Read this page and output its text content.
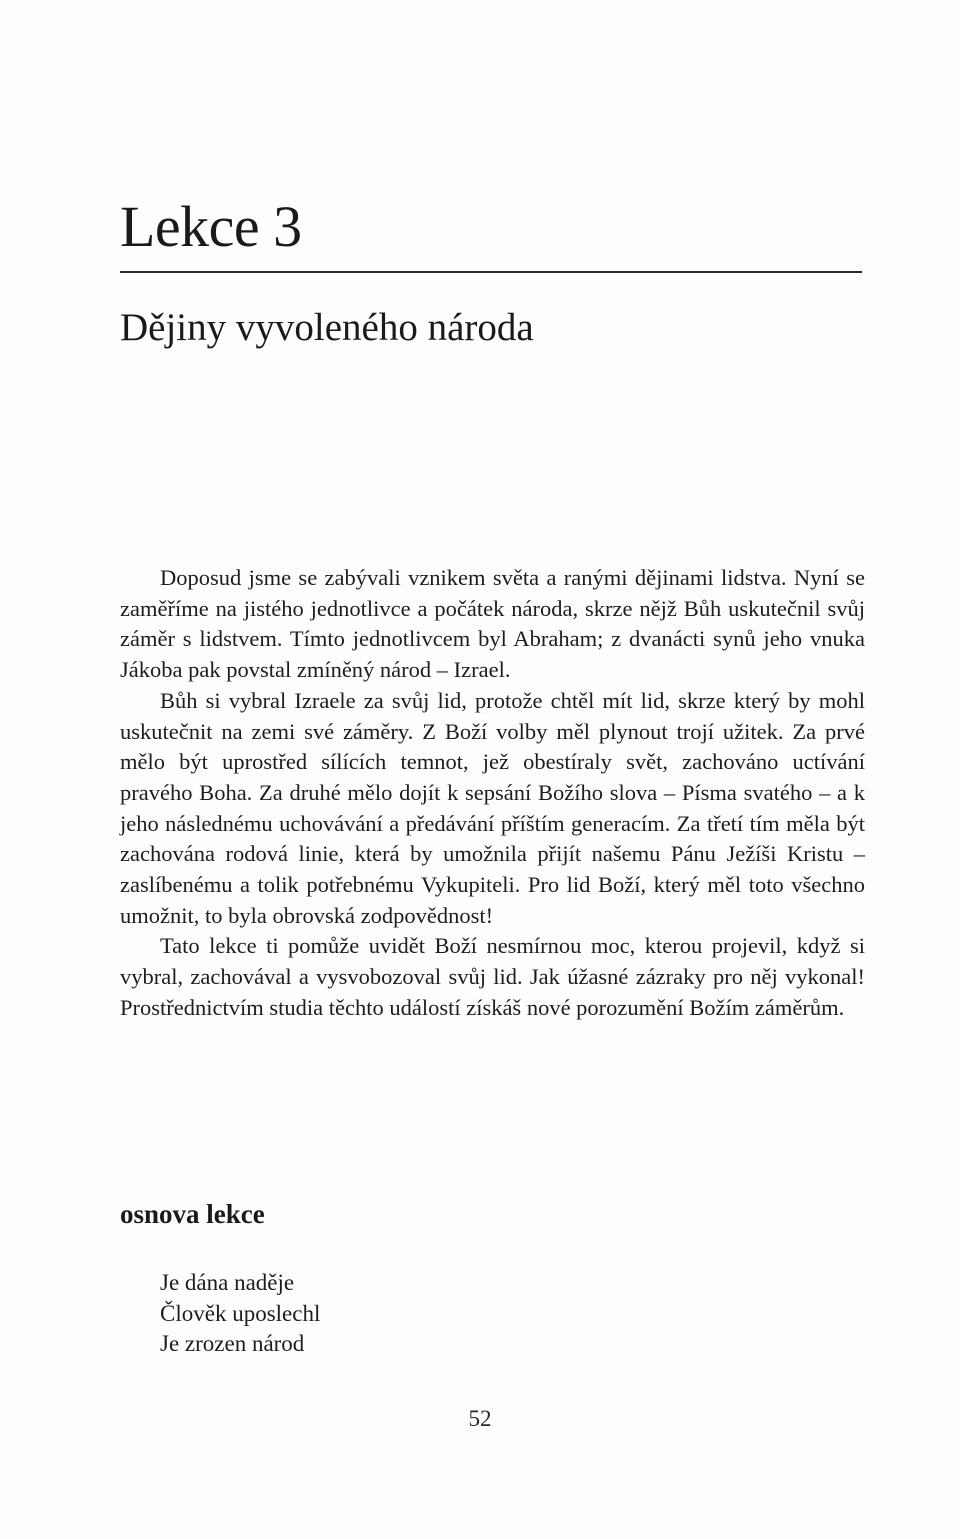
Lekce 3
Dějiny vyvoleného národa

Doposud jsme se zabývali vznikem světa a ranými dějinami lidstva. Nyní se zaměříme na jistého jednotlivce a počátek národa, skrze nějž Bůh uskutečnil svůj záměr s lidstvem. Tímto jednotlivcem byl Abraham; z dvanácti synů jeho vnuka Jákoba pak povstal zmíněný národ – Izrael.

Bůh si vybral Izraele za svůj lid, protože chtěl mít lid, skrze který by mohl uskutečnit na zemi své záměry. Z Boží volby měl plynout trojí užitek. Za prvé mělo být uprostřed sílících temnot, jež obestíraly svět, zachováno uctívání pravého Boha. Za druhé mělo dojít k sepsání Božího slova – Písma svatého – a k jeho následnému uchovávání a předávání příštím generacím. Za třetí tím měla být zachována rodová linie, která by umožnila přijít našemu Pánu Ježíši Kristu – zaslíbenému a tolik potřebnému Vykupiteli. Pro lid Boží, který měl toto všechno umožnit, to byla obrovská zodpovědnost!

Tato lekce ti pomůže uvidět Boží nesmírnou moc, kterou projevil, když si vybral, zachovával a vysvobozoval svůj lid. Jak úžasné zázraky pro něj vykonal! Prostřednictvím studia těchto událostí získáš nové porozumění Božím záměrům.

osnova lekce
Je dána naděje
Člověk uposlechl
Je zrozen národ
52
